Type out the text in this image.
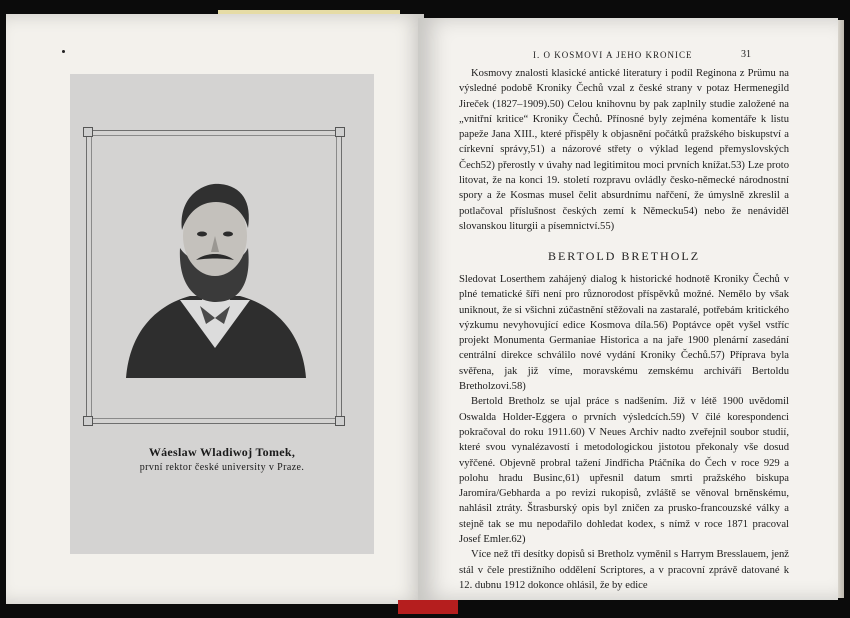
Wáeslaw Wladiwoj Tomek,
první rektor české university v Praze.
I. O KOSMOVI A JEHO KRONICE	31

Kosmovy znalosti klasické antické literatury i podíl Reginona z Prümu na výsledné podobě Kroniky Čechů vzal z české strany v potaz Hermenegild Jireček (1827–1909).50) Celou knihovnu by pak zaplnily studie založené na „vnitřní kritice“ Kroniky Čechů. Přínosné byly zejména komentáře k listu papeže Jana XIII., které přispěly k objasnění počátků pražského biskupství a církevní správy,51) a názorové střety o výklad legend přemyslovských Čech52) přerostly v úvahy nad legitimitou moci prvních knížat.53) Lze proto litovat, že na konci 19. století rozpravu ovládly česko-německé národnostní spory a že Kosmas musel čelit absurdnímu nařčení, že úmyslně zkreslil a potlačoval příslušnost českých zemí k Německu54) nebo že nenáviděl slovanskou liturgii a písemnictví.55)

BERTOLD BRETHOLZ

Sledovat Loserthem zahájený dialog k historické hodnotě Kroniky Čechů v plné tematické šíři není pro různorodost příspěvků možné. Nemělo by však uniknout, že si všichni zúčastnění stěžovali na zastaralé, potřebám kritického výzkumu nevyhovující edice Kosmova díla.56) Poptávce opět vyšel vstříc projekt Monumenta Germaniae Historica a na jaře 1900 plenární zasedání centrální direkce schválilo nové vydání Kroniky Čechů.57) Příprava byla svěřena, jak již víme, moravskému zemskému archiváři Bertoldu Bretholzovi.58)

Bertold Bretholz se ujal práce s nadšením. Již v létě 1900 uvědomil Oswalda Holder-Eggera o prvních výsledcích.59) V čilé korespondenci pokračoval do roku 1911.60) V Neues Archiv nadto zveřejnil soubor studií, které svou vynalézavostí i metodologickou jistotou překonaly vše dosud vyřčené. Objevně probral tažení Jindřicha Ptáčníka do Čech v roce 929 a polohu hradu Businc,61) upřesnil datum smrti pražského biskupa Jaromíra/Gebharda a po revizi rukopisů, zvláště se věnoval brněnskému, nahlásil ztráty. Štrasburský opis byl zničen za prusko-francouzské války a stejně tak se mu nepodařilo dohledat kodex, s nímž v roce 1871 pracoval Josef Emler.62)

Více než tři desítky dopisů si Bretholz vyměnil s Harrym Bresslauem, jenž stál v čele prestižního oddělení Scriptores, a v pracovní zprávě datované k 12. dubnu 1912 dokonce ohlásil, že by edice
